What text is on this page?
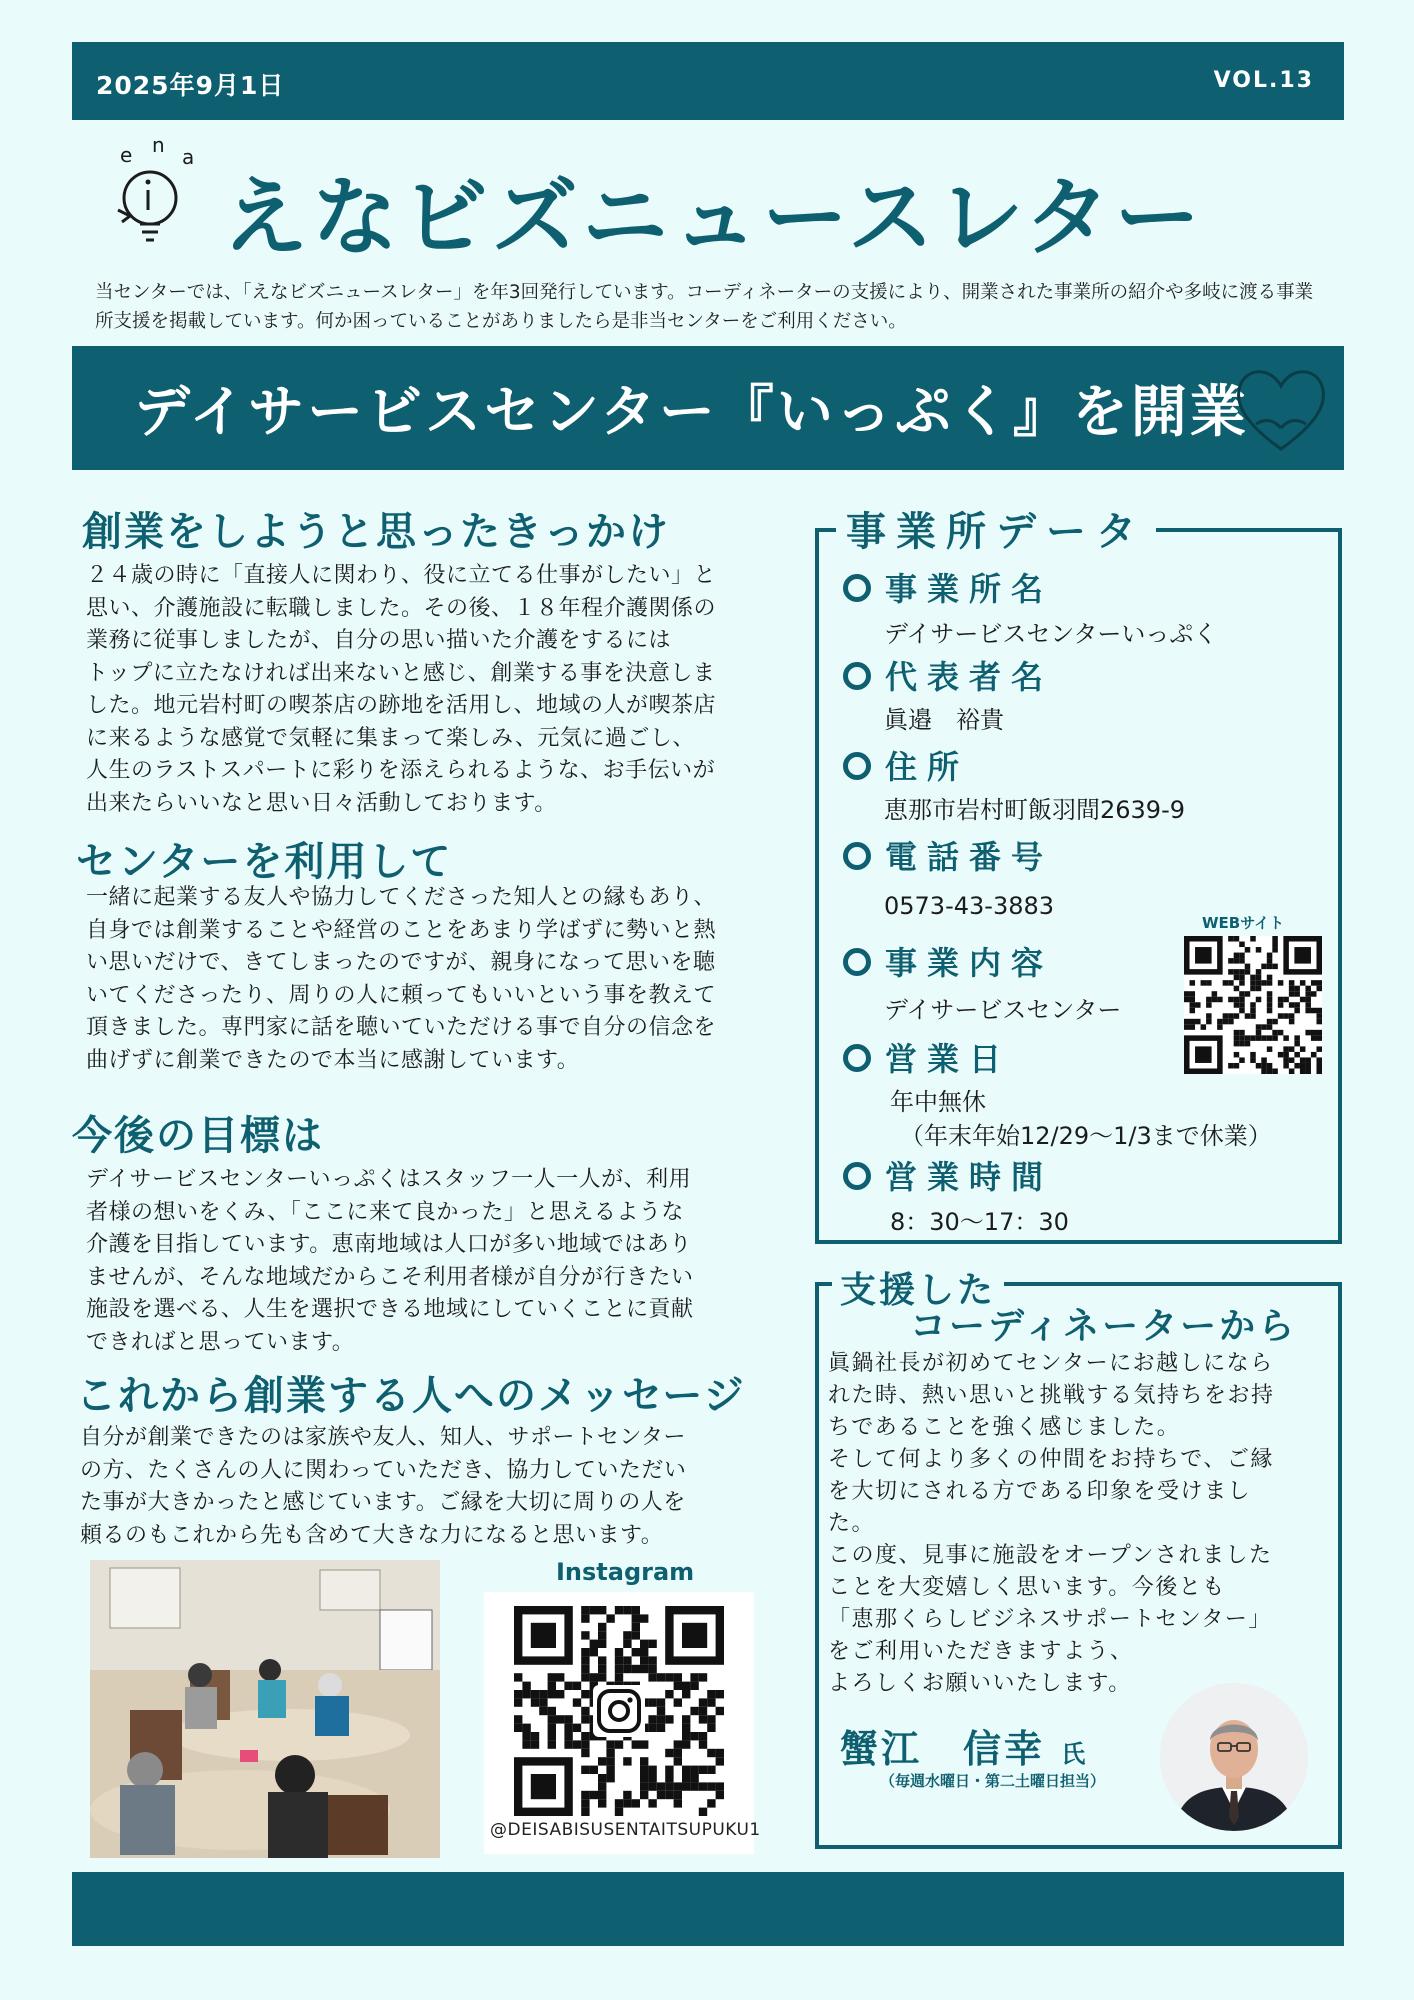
2025年9月1日	VOL.13
e n a
えなビズニュースレター
当センターでは、「えなビズニュースレター」を年3回発行しています。コーディネーターの支援により、開業された事業所の紹介や多岐に渡る事業所支援を掲載しています。何か困っていることがありましたら是非当センターをご利用ください。
デイサービスセンター『いっぷく』を開業
創業をしようと思ったきっかけ
２４歳の時に「直接人に関わり、役に立てる仕事がしたい」と
思い、介護施設に転職しました。その後、１８年程介護関係の
業務に従事しましたが、自分の思い描いた介護をするには
トップに立たなければ出来ないと感じ、創業する事を決意しま
した。地元岩村町の喫茶店の跡地を活用し、地域の人が喫茶店
に来るような感覚で気軽に集まって楽しみ、元気に過ごし、
人生のラストスパートに彩りを添えられるような、お手伝いが
出来たらいいなと思い日々活動しております。
センターを利用して
一緒に起業する友人や協力してくださった知人との縁もあり、
自身では創業することや経営のことをあまり学ばずに勢いと熱
い思いだけで、きてしまったのですが、親身になって思いを聴
いてくださったり、周りの人に頼ってもいいという事を教えて
頂きました。専門家に話を聴いていただける事で自分の信念を
曲げずに創業できたので本当に感謝しています。
今後の目標は
デイサービスセンターいっぷくはスタッフ一人一人が、利用
者様の想いをくみ、「ここに来て良かった」と思えるような
介護を目指しています。恵南地域は人口が多い地域ではあり
ませんが、そんな地域だからこそ利用者様が自分が行きたい
施設を選べる、人生を選択できる地域にしていくことに貢献
できればと思っています。
これから創業する人へのメッセージ
自分が創業できたのは家族や友人、知人、サポートセンター
の方、たくさんの人に関わっていただき、協力していただい
た事が大きかったと感じています。ご縁を大切に周りの人を
頼るのもこれから先も含めて大きな力になると思います。
事業所データ
事業所名
デイサービスセンターいっぷく
代表者名
眞邉　裕貴
住所
恵那市岩村町飯羽間2639-9
電話番号
0573-43-3883
事業内容
デイサービスセンター
営業日
年中無休
（年末年始12/29〜1/3まで休業）
営業時間
8：30〜17：30
WEBサイト
支援した
コーディネーターから
眞鍋社長が初めてセンターにお越しになら
れた時、熱い思いと挑戦する気持ちをお持
ちであることを強く感じました。
そして何より多くの仲間をお持ちで、ご縁
を大切にされる方である印象を受けまし
た。
この度、見事に施設をオープンされました
ことを大変嬉しく思います。今後とも
「恵那くらしビジネスサポートセンター」
をご利用いただきますよう、
よろしくお願いいたします。
蟹江　信幸 氏
（毎週水曜日・第二土曜日担当）
Instagram
@DEISABISUSENTAITSUPUKU1
